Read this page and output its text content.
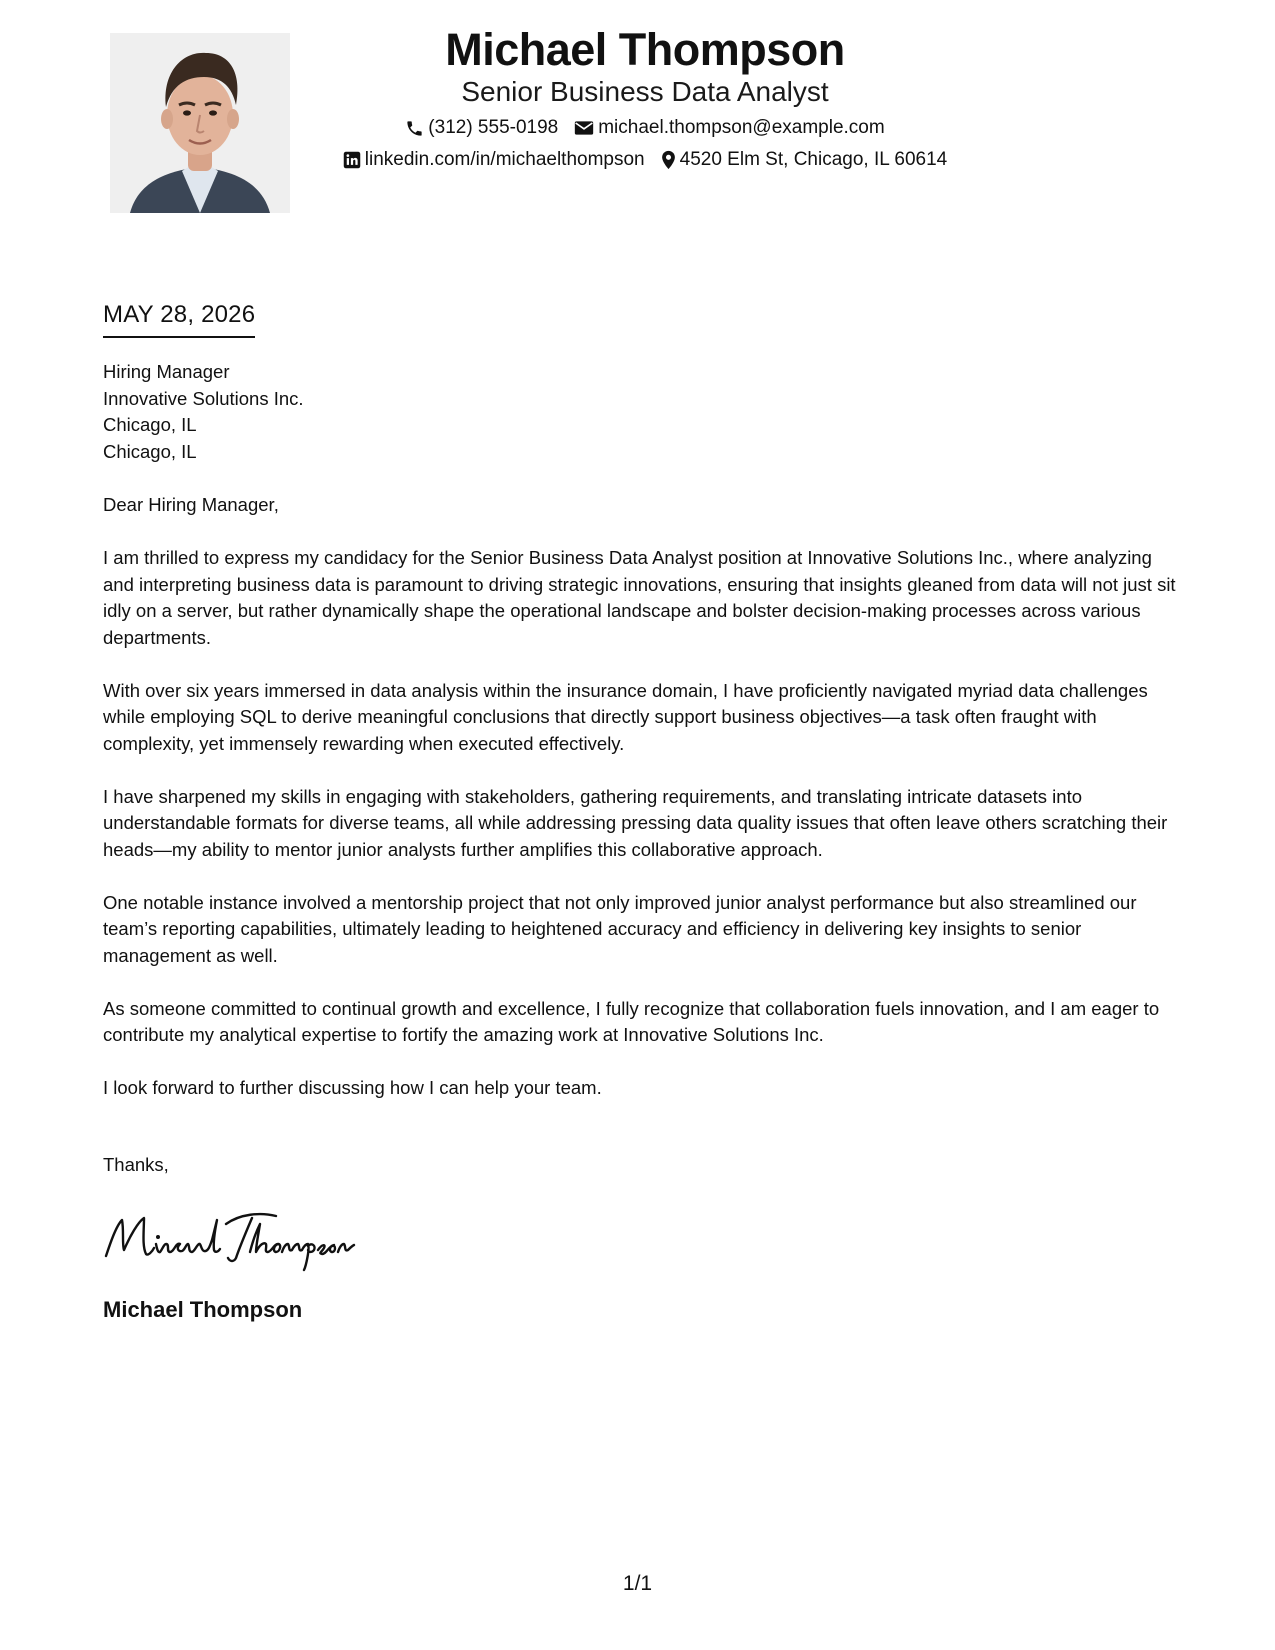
Michael Thompson
Senior Business Data Analyst
(312) 555-0198 michael.thompson@example.com
linkedin.com/in/michaelthompson 4520 Elm St, Chicago, IL 60614
MAY 28, 2026
Hiring Manager
Innovative Solutions Inc.
Chicago, IL
Chicago, IL

Dear Hiring Manager,

I am thrilled to express my candidacy for the Senior Business Data Analyst position at Innovative Solutions Inc., where analyzing and interpreting business data is paramount to driving strategic innovations, ensuring that insights gleaned from data will not just sit idly on a server, but rather dynamically shape the operational landscape and bolster decision-making processes across various departments.

With over six years immersed in data analysis within the insurance domain, I have proficiently navigated myriad data challenges while employing SQL to derive meaningful conclusions that directly support business objectives—a task often fraught with complexity, yet immensely rewarding when executed effectively.

I have sharpened my skills in engaging with stakeholders, gathering requirements, and translating intricate datasets into understandable formats for diverse teams, all while addressing pressing data quality issues that often leave others scratching their heads—my ability to mentor junior analysts further amplifies this collaborative approach.

One notable instance involved a mentorship project that not only improved junior analyst performance but also streamlined our team’s reporting capabilities, ultimately leading to heightened accuracy and efficiency in delivering key insights to senior management as well.

As someone committed to continual growth and excellence, I fully recognize that collaboration fuels innovation, and I am eager to contribute my analytical expertise to fortify the amazing work at Innovative Solutions Inc.

I look forward to further discussing how I can help your team.

Thanks,
Michael Thompson
1/1
